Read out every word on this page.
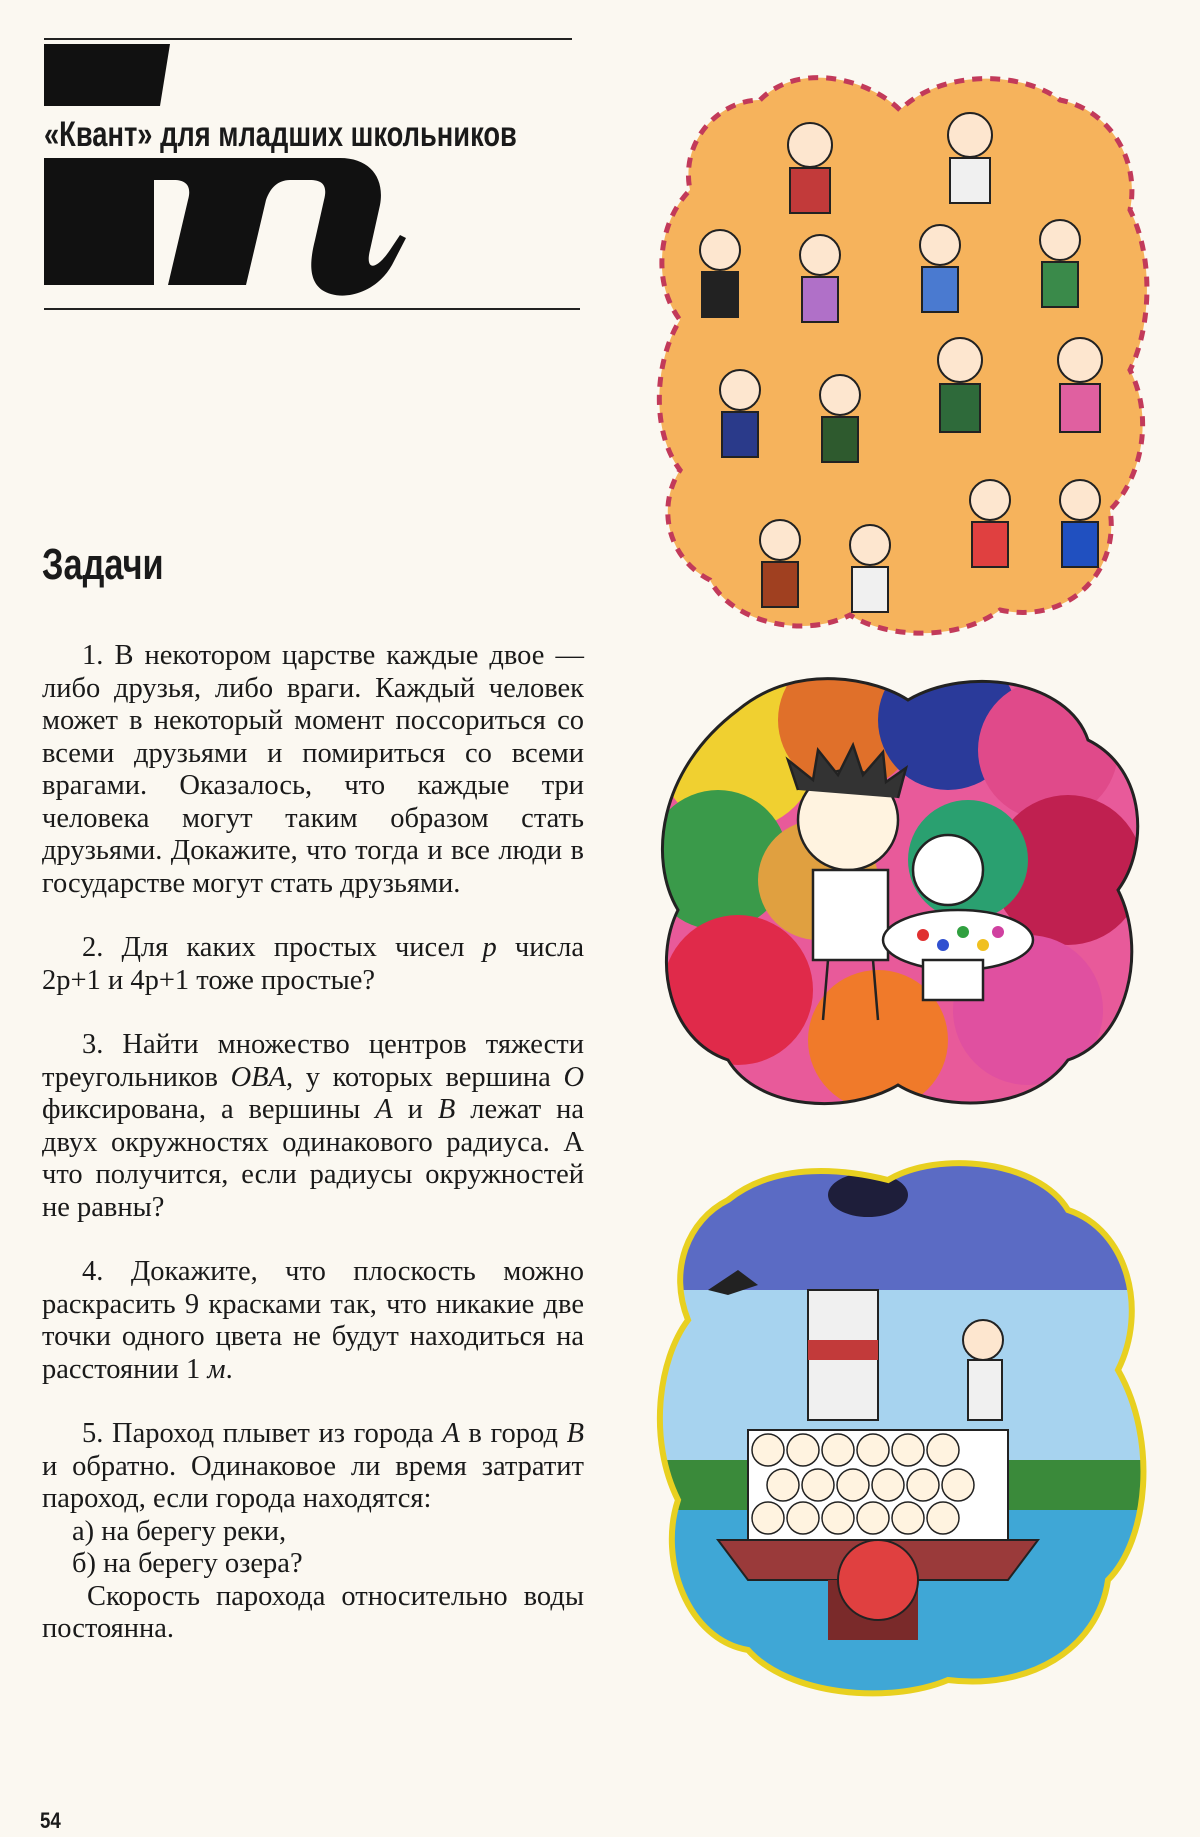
«Квант» для младших школьников
Задачи

1. В некотором царстве каждые двое — либо друзья, либо враги. Каждый человек может в некоторый момент поссориться со всеми друзьями и помириться со всеми врагами. Оказалось, что каждые три человека могут таким образом стать друзьями. Докажите, что тогда и все люди в государстве могут стать друзьями.

2. Для каких простых чисел p числа 2p+1 и 4p+1 тоже простые?

3. Найти множество центров тяжести треугольников OBA, у которых вершина O фиксирована, а вершины A и B лежат на двух окружностях одинакового радиуса. А что получится, если радиусы окружностей не равны?

4. Докажите, что плоскость можно раскрасить 9 красками так, что никакие две точки одного цвета не будут находиться на расстоянии 1 м.

5. Пароход плывет из города A в город B и обратно. Одинаковое ли время затратит пароход, если города находятся:

а) на берегу реки,

б) на берегу озера?

Скорость парохода относительно воды постоянна.

54
